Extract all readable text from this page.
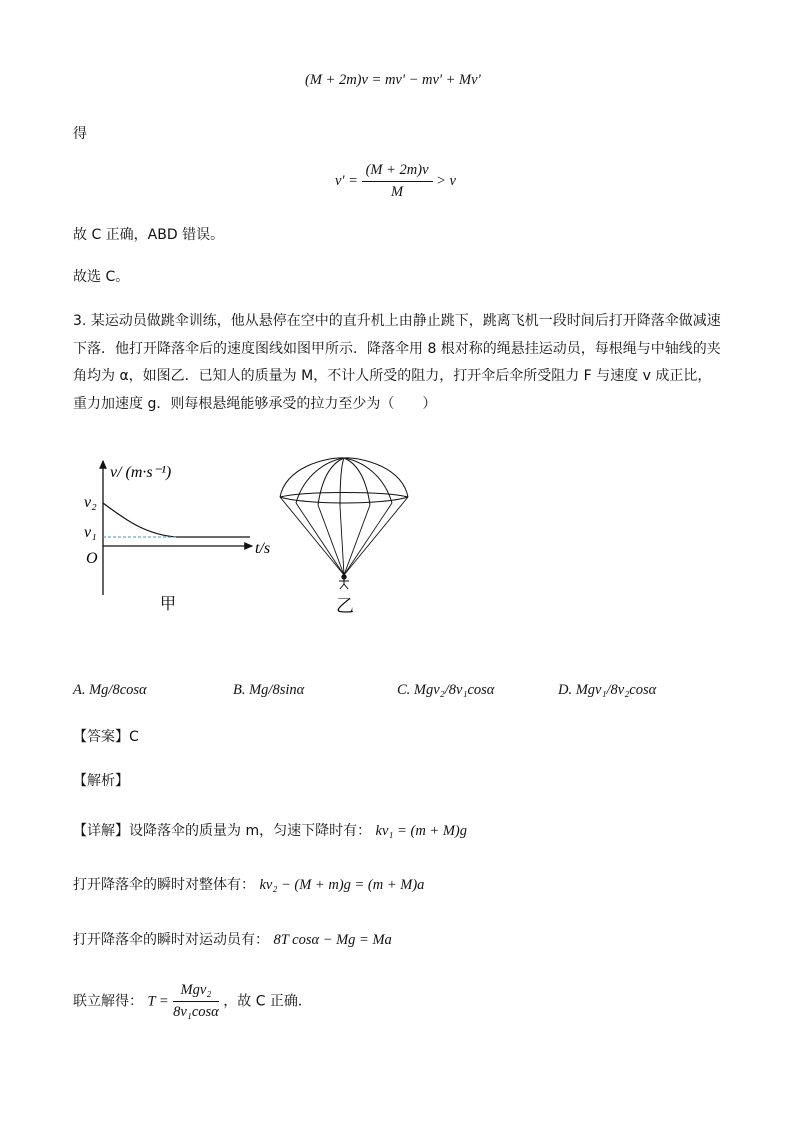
(M + 2m)v = mv' − mv' + Mv'
得
$v' = \frac{(M + 2m)v}{M} > v$
故 C 正确，ABD 错误。
故选 C。
3. 某运动员做跳伞训练，他从悬停在空中的直升机上由静止跳下，跳离飞机一段时间后打开降落伞做减速下落．他打开降落伞后的速度图线如图甲所示．降落伞用 8 根对称的绳悬挂运动员，每根绳与中轴线的夹角均为 α，如图乙．已知人的质量为 M，不计人所受的阻力，打开伞后伞所受阻力 F 与速度 v 成正比，重力加速度 g．则每根悬绳能够承受的拉力至少为（　　）
v/ (m·s⁻¹)
t/s
O
v₂
v₁
甲	乙
A. Mg/8cosα	B. Mg/8sinα	C. Mgv₂/8v₁cosα	D. Mgv₁/8v₂cosα
【答案】C
【解析】
【详解】设降落伞的质量为 m，匀速下降时有： kv₁ = (m + M)g
打开降落伞的瞬时对整体有： kv₂ − (M + m)g = (m + M)a
打开降落伞的瞬时对运动员有： 8T cosα − Mg = Ma
联立解得： $T = \frac{\text{Mgv₂}}{\text{8v₁cosα}}$ ，故 C 正确．
